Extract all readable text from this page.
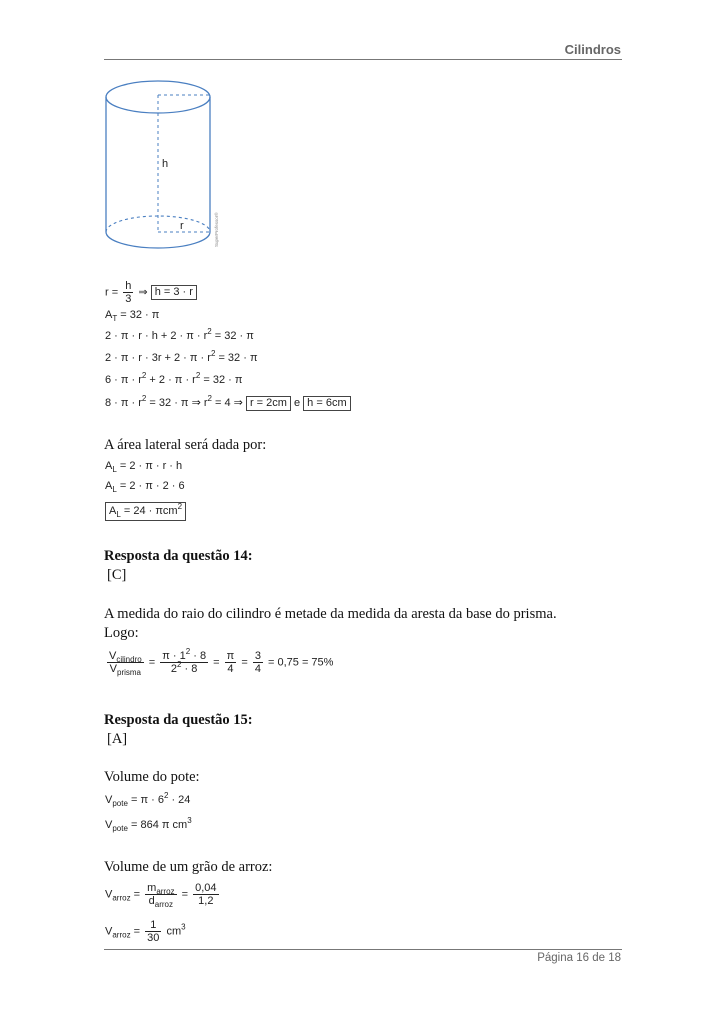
Cilindros
h
r	SuperProfessor®
$r = \frac{h}{3}$ ⇒ h = 3 · r
$A_T = 32 \cdot \pi$
$2 \cdot \pi \cdot r \cdot h + 2 \cdot \pi \cdot r^2 = 32 \cdot \pi$
$2 \cdot \pi \cdot r \cdot 3r + 2 \cdot \pi \cdot r^2 = 32 \cdot \pi$
$6 \cdot \pi \cdot r^2 + 2 \cdot \pi \cdot r^2 = 32 \cdot \pi$
$8 \cdot \pi \cdot r^2 = 32 \cdot \pi$ ⇒ $r^2 = 4$ ⇒ r = 2cm e h = 6cm
A área lateral será dada por:
$A_L = 2 \cdot \pi \cdot r \cdot h$
$A_L = 2 \cdot \pi \cdot 2 \cdot 6$
$A_L = 24 \cdot \pi cm^2$
Resposta da questão 14:
[C]
A medida do raio do cilindro é metade da medida da aresta da base do prisma.
Logo:
$\frac{V_{cilindro}}{V_{prisma}} = \frac{\pi \cdot 1^2 \cdot 8}{2^2 \cdot 8} = \frac{\pi}{4} = \frac{3}{4} = 0,75 = 75\%$
Resposta da questão 15:
[A]
Volume do pote:
$V_{pote} = \pi \cdot 6^2 \cdot 24$
$V_{pote} = 864$ π $cm^3$
Volume de um grão de arroz:
$V_{arroz} = \frac{m_{arroz}}{d_{arroz}} = \frac{0,04}{1,2}$
$V_{arroz} = \frac{1}{30} cm^3$
Página 16 de 18
